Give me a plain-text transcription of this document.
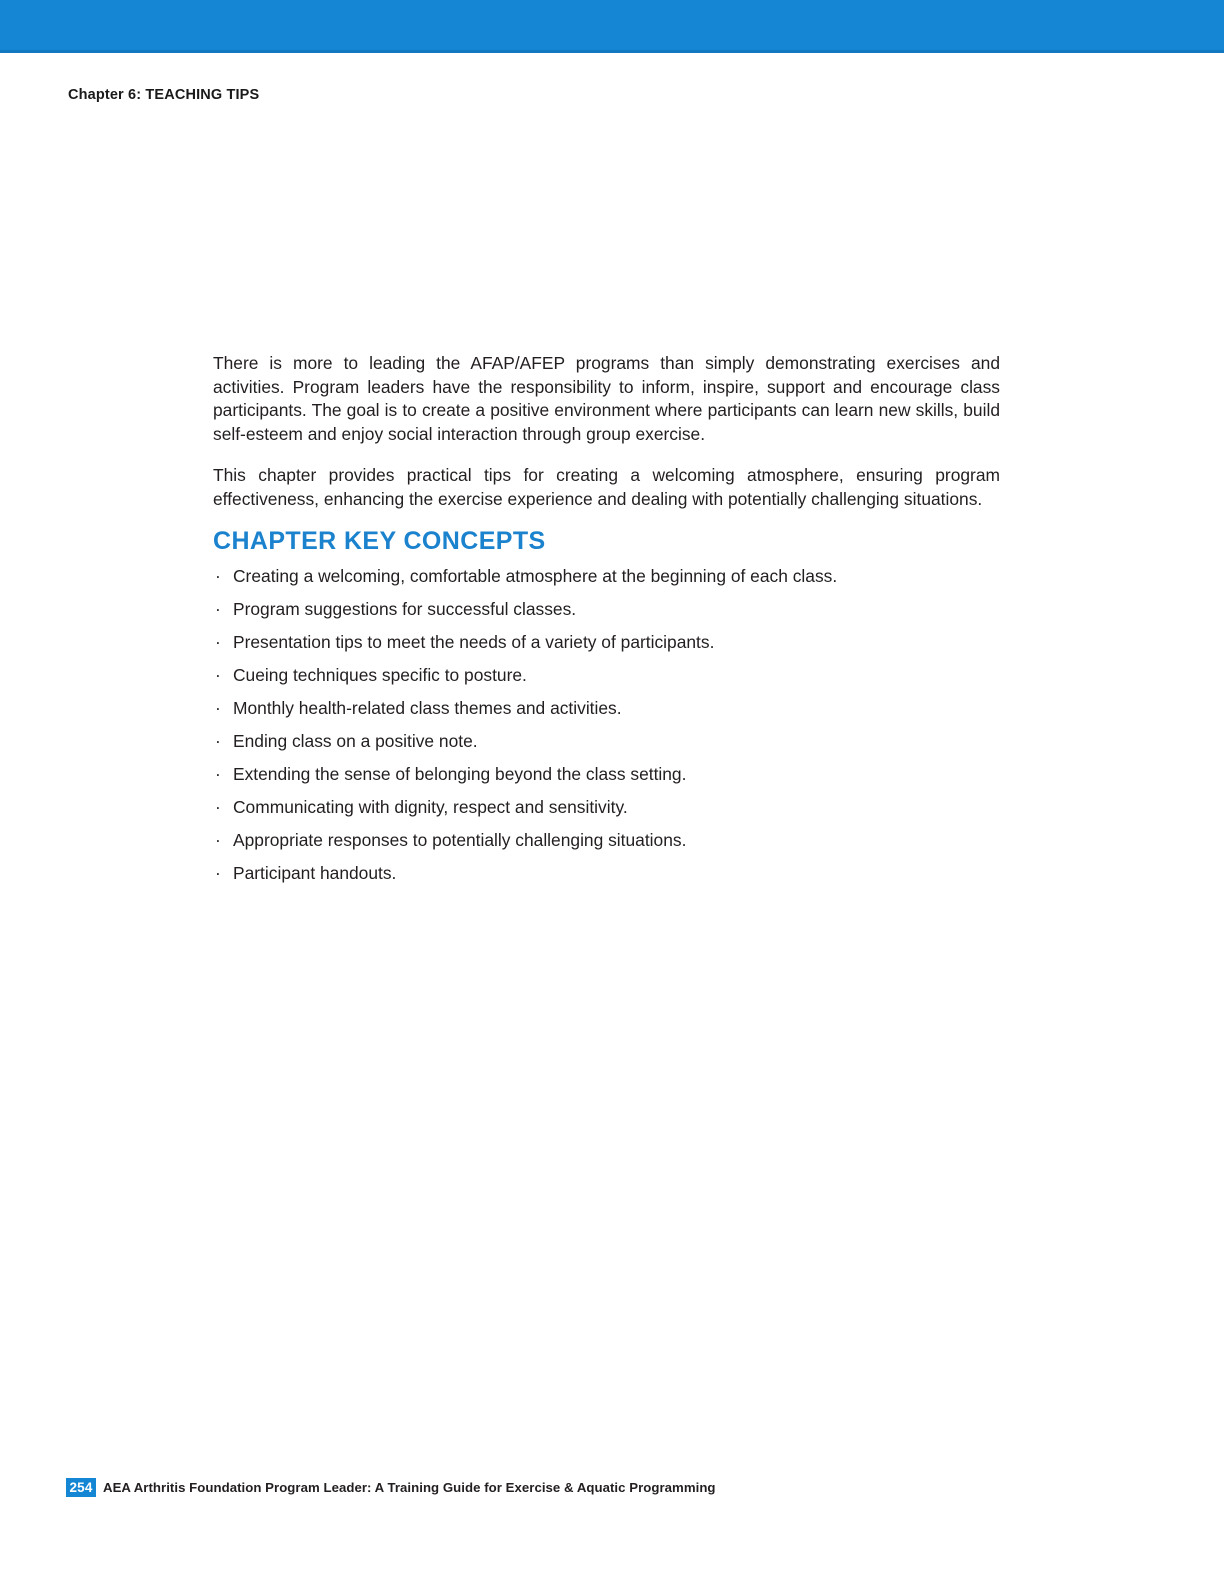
Chapter 6: TEACHING TIPS

There is more to leading the AFAP/AFEP programs than simply demonstrating exercises and activities. Program leaders have the responsibility to inform, inspire, support and encourage class participants. The goal is to create a positive environment where participants can learn new skills, build self-esteem and enjoy social interaction through group exercise.

This chapter provides practical tips for creating a welcoming atmosphere, ensuring program effectiveness, enhancing the exercise experience and dealing with potentially challenging situations.

CHAPTER KEY CONCEPTS
· Creating a welcoming, comfortable atmosphere at the beginning of each class.
· Program suggestions for successful classes.
· Presentation tips to meet the needs of a variety of participants.
· Cueing techniques specific to posture.
· Monthly health-related class themes and activities.
· Ending class on a positive note.
· Extending the sense of belonging beyond the class setting.
· Communicating with dignity, respect and sensitivity.
· Appropriate responses to potentially challenging situations.
· Participant handouts.
254 AEA Arthritis Foundation Program Leader: A Training Guide for Exercise & Aquatic Programming
